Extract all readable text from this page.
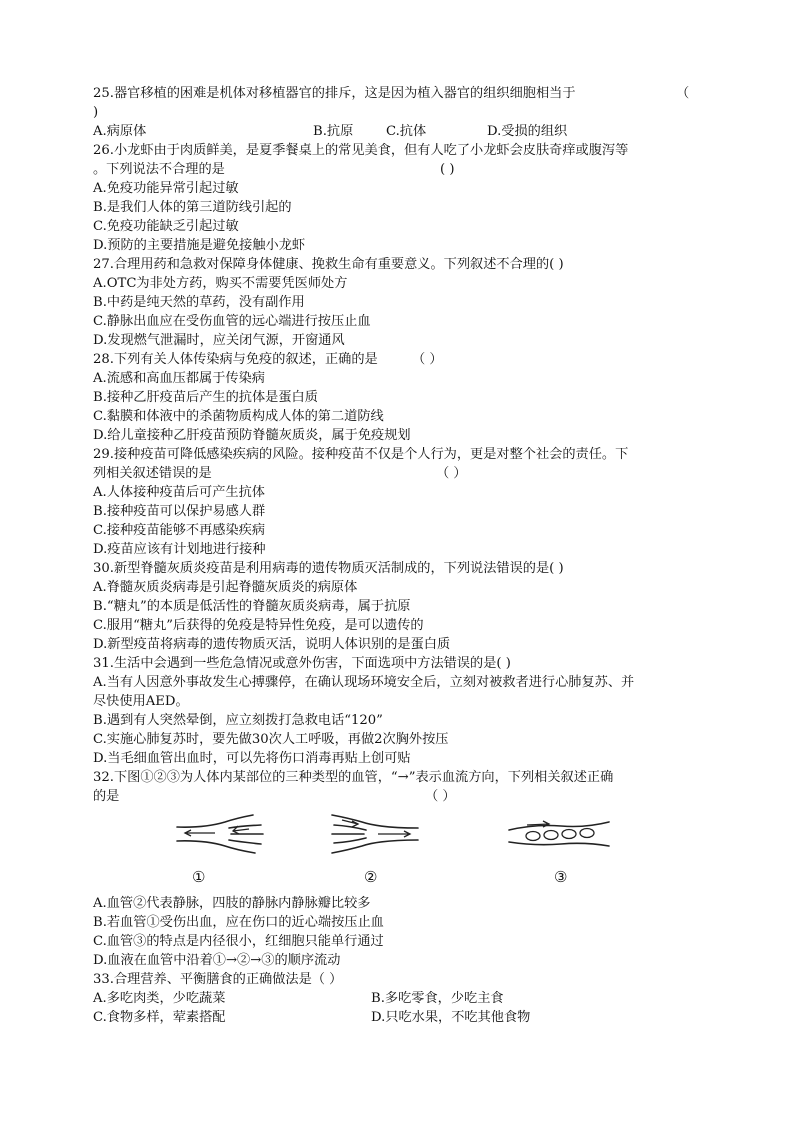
25.器官移植的困难是机体对移植器官的排斥，这是因为植入器官的组织细胞相当于	（
)
A.病原体	B.抗原 C.抗体	D.受损的组织
26.小龙虾由于肉质鲜美，是夏季餐桌上的常见美食，但有人吃了小龙虾会皮肤奇痒或腹泻等
。下列说法不合理的是	( )
A.免疫功能异常引起过敏
B.是我们人体的第三道防线引起的
C.免疫功能缺乏引起过敏
D.预防的主要措施是避免接触小龙虾
27.合理用药和急救对保障身体健康、挽救生命有重要意义。下列叙述不合理的( )
A.OTC为非处方药，购买不需要凭医师处方
B.中药是纯天然的草药，没有副作用
C.静脉出血应在受伤血管的远心端进行按压止血
D.发现燃气泄漏时，应关闭气源，开窗通风
28.下列有关人体传染病与免疫的叙述，正确的是	（ ）
A.流感和高血压都属于传染病
B.接种乙肝疫苗后产生的抗体是蛋白质
C.黏膜和体液中的杀菌物质构成人体的第二道防线
D.给儿童接种乙肝疫苗预防脊髓灰质炎，属于免疫规划
29.接种疫苗可降低感染疾病的风险。接种疫苗不仅是个人行为，更是对整个社会的责任。下
列相关叙述错误的是	（ ）
A.人体接种疫苗后可产生抗体
B.接种疫苗可以保护易感人群
C.接种疫苗能够不再感染疾病
D.疫苗应该有计划地进行接种
30.新型脊髓灰质炎疫苗是利用病毒的遗传物质灭活制成的，下列说法错误的是( )
A.脊髓灰质炎病毒是引起脊髓灰质炎的病原体
B.“糖丸”的本质是低活性的脊髓灰质炎病毒，属于抗原
C.服用“糖丸”后获得的免疫是特异性免疫，是可以遗传的
D.新型疫苗将病毒的遗传物质灭活，说明人体识别的是蛋白质
31.生活中会遇到一些危急情况或意外伤害，下面选项中方法错误的是( )
A.当有人因意外事故发生心搏骤停，在确认现场环境安全后，立刻对被救者进行心肺复苏、并
尽快使用AED。
B.遇到有人突然晕倒，应立刻拨打急救电话“120”
C.实施心肺复苏时，要先做30次人工呼吸，再做2次胸外按压
D.当毛细血管出血时，可以先将伤口消毒再贴上创可贴
32.下图①②③为人体内某部位的三种类型的血管，“→”表示血流方向，下列相关叙述正确
的是	（ ）
①	②	③
A.血管②代表静脉，四肢的静脉内静脉瓣比较多
B.若血管①受伤出血，应在伤口的近心端按压止血
C.血管③的特点是内径很小，红细胞只能单行通过
D.血液在血管中沿着①→②→③的顺序流动
33.合理营养、平衡膳食的正确做法是（ ）
A.多吃肉类，少吃蔬菜	B.多吃零食，少吃主食
C.食物多样，荤素搭配	D.只吃水果，不吃其他食物
